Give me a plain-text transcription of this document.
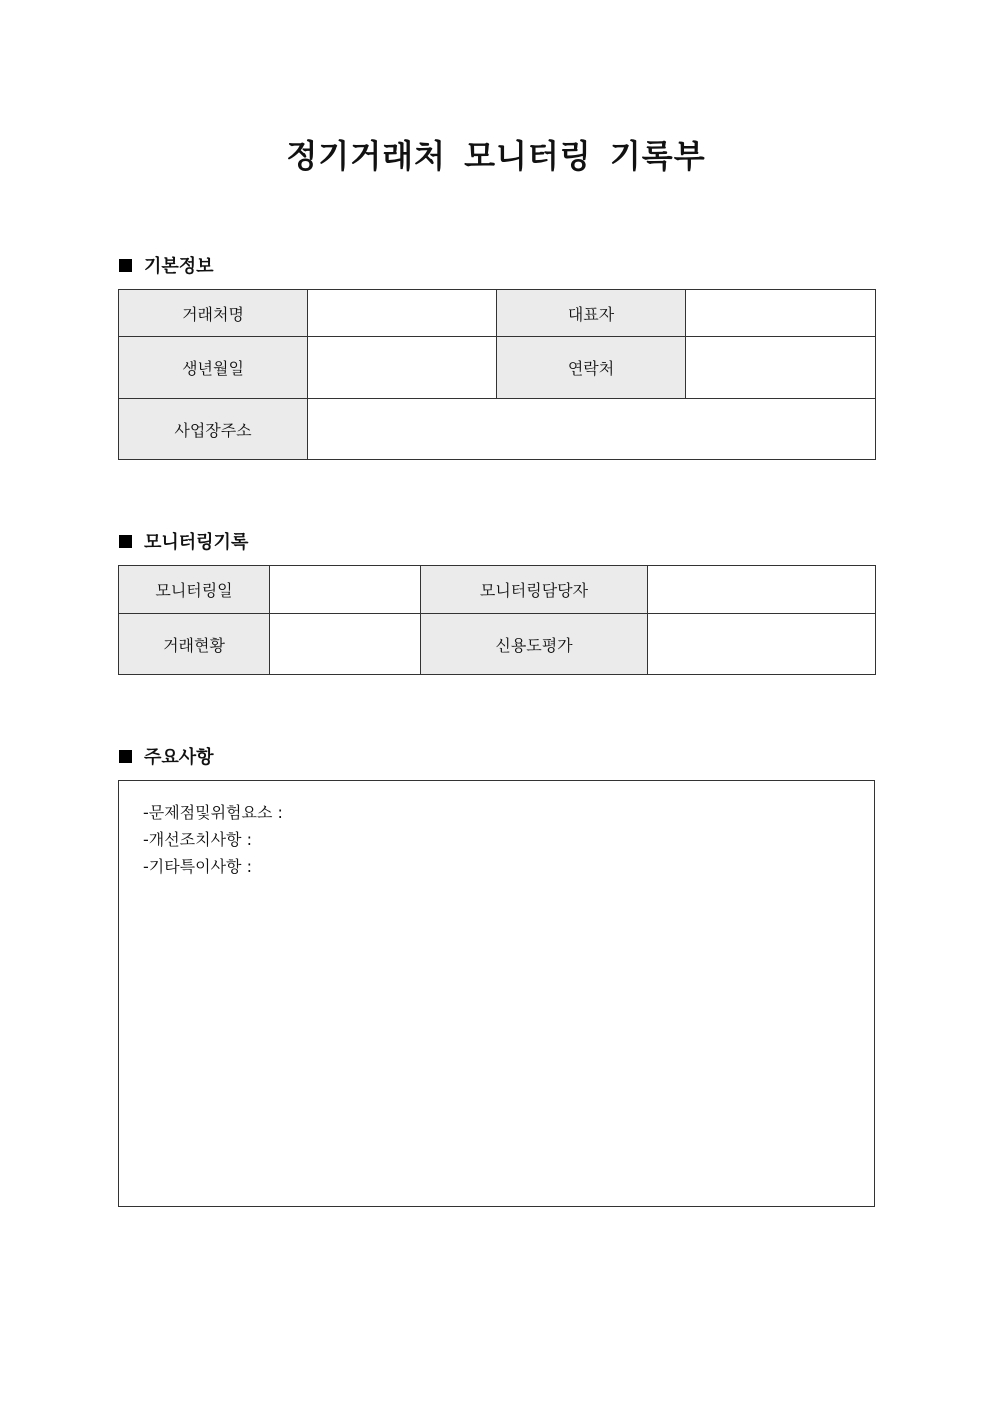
정기거래처 모니터링 기록부
기본정보
거래처명		대표자	
생년월일		연락처	
사업장주소			
모니터링기록
모니터링일		모니터링담당자	
거래현황		신용도평가	
주요사항
-문제점및위험요소 :
-개선조치사항 :
-기타특이사항 :
